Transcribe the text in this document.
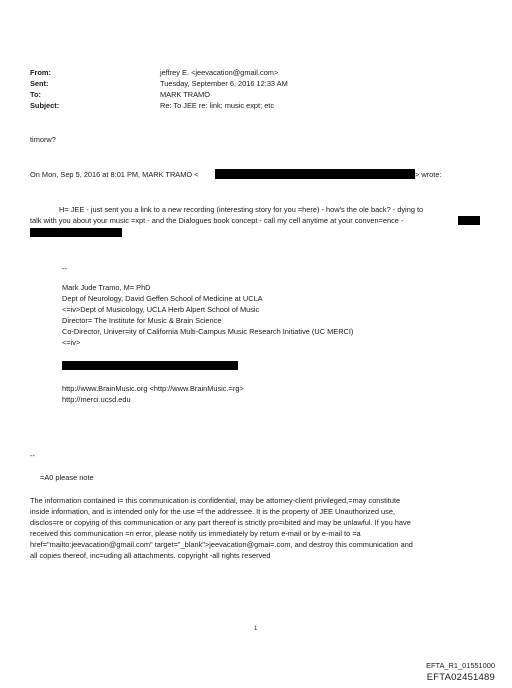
From:	jeffrey E. <jeevacation@gmail.com>
Sent:	Tuesday, September 6, 2016 12:33 AM
To:	MARK TRAMO
Subject:	Re: To JEE re: link; music expt; etc
timorw?
On Mon, Sep 5, 2016 at 8:01 PM, MARK TRAMO <	> wrote:
H= JEE - just sent you a link to a new recording (interesting story for you =here) - how's the ole back? - dying to
talk with you about your music =xpt - and the Dialogues book concept - call my cell anytime at your conven=ence -
--
Mark Jude Tramo, M= PhD
Dept of Neurology, David Geffen School of Medicine at UCLA
<=iv>Dept of Musicology, UCLA Herb Alpert School of Music
Director= The Institute for Music & Brain Science
Co-Director, Univer=ity of California Multi-Campus Music Research Initiative (UC MERCI)
<=iv>
http://www.BrainMusic.org <http://www.BrainMusic.=rg>
http://merci.ucsd.edu
--
=A0 please note
The information contained i= this communication is confidential, may be attorney-client privileged,=may constitute
inside information, and is intended only for the use =f the addressee. It is the property of JEE Unauthorized use,
disclos=re or copying of this communication or any part thereof is strictly pro=ibited and may be unlawful. If you have
received this communication =n error, please notify us immediately by return e-mail or by e-mail to =a
href="mailto:jeevacation@gmail.com" target="_blank">jeevacation@gmai=.com, and destroy this communication and
all copies thereof, inc=uding all attachments. copyright -all rights reserved
1
EFTA_R1_01551000
EFTA02451489
